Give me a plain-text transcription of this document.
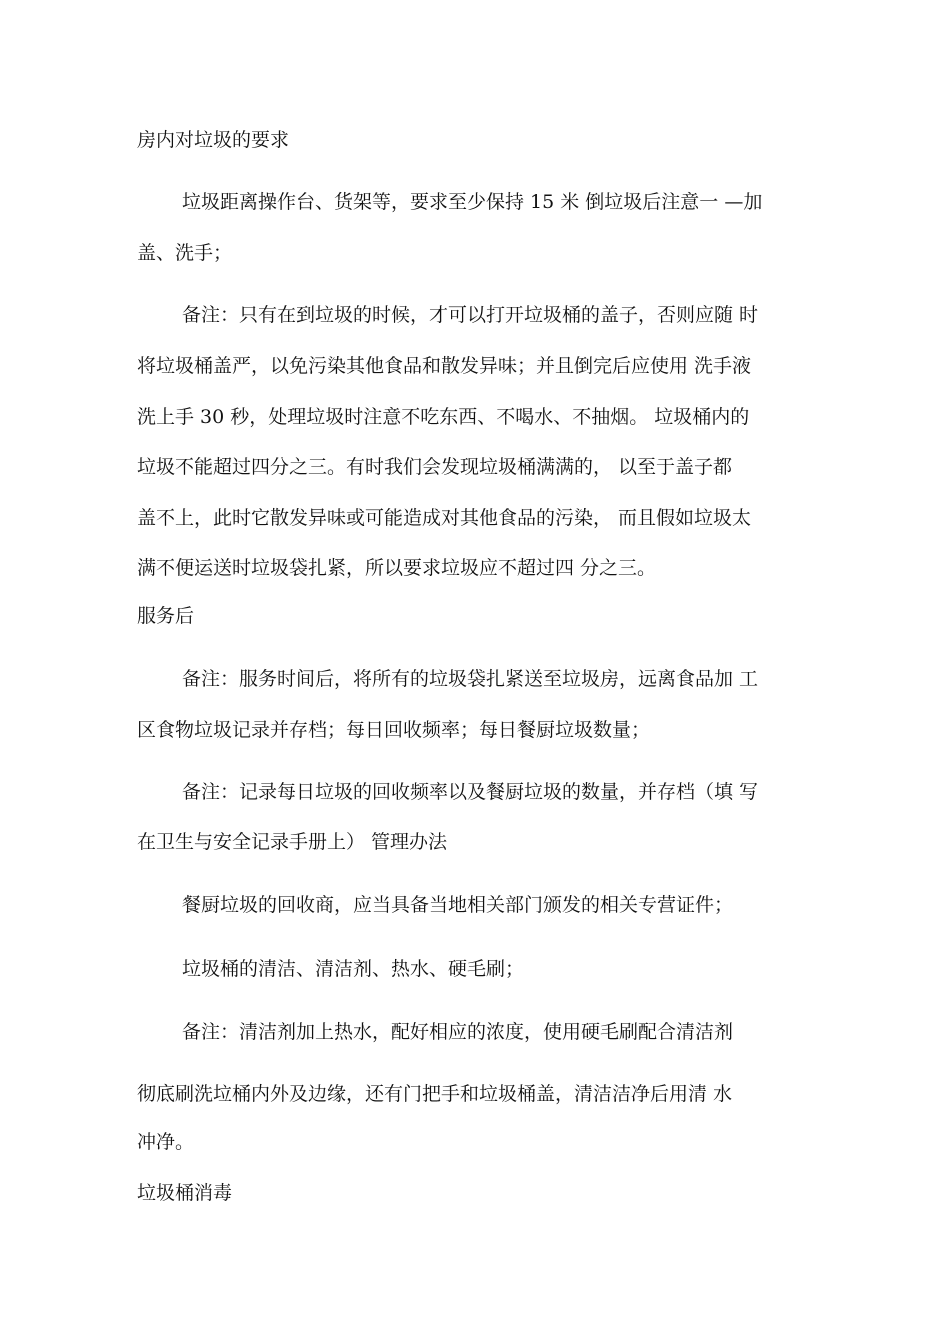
房内对垃圾的要求

垃圾距离操作台、货架等，要求至少保持 15 米 倒垃圾后注意一 —加

盖、洗手；

备注：只有在到垃圾的时候，才可以打开垃圾桶的盖子，否则应随 时

将垃圾桶盖严，以免污染其他食品和散发异味；并且倒完后应使用 洗手液

洗上手 30 秒，处理垃圾时注意不吃东西、不喝水、不抽烟。 垃圾桶内的

垃圾不能超过四分之三。有时我们会发现垃圾桶满满的， 以至于盖子都

盖不上，此时它散发异味或可能造成对其他食品的污染， 而且假如垃圾太

满不便运送时垃圾袋扎紧，所以要求垃圾应不超过四 分之三。

服务后

备注：服务时间后，将所有的垃圾袋扎紧送至垃圾房，远离食品加 工

区食物垃圾记录并存档；每日回收频率；每日餐厨垃圾数量；

备注：记录每日垃圾的回收频率以及餐厨垃圾的数量，并存档（填 写

在卫生与安全记录手册上） 管理办法

餐厨垃圾的回收商，应当具备当地相关部门颁发的相关专营证件；

垃圾桶的清洁、清洁剂、热水、硬毛刷；

备注：清洁剂加上热水，配好相应的浓度，使用硬毛刷配合清洁剂

彻底刷洗垃桶内外及边缘，还有门把手和垃圾桶盖，清洁洁净后用清 水

冲净。

垃圾桶消毒
